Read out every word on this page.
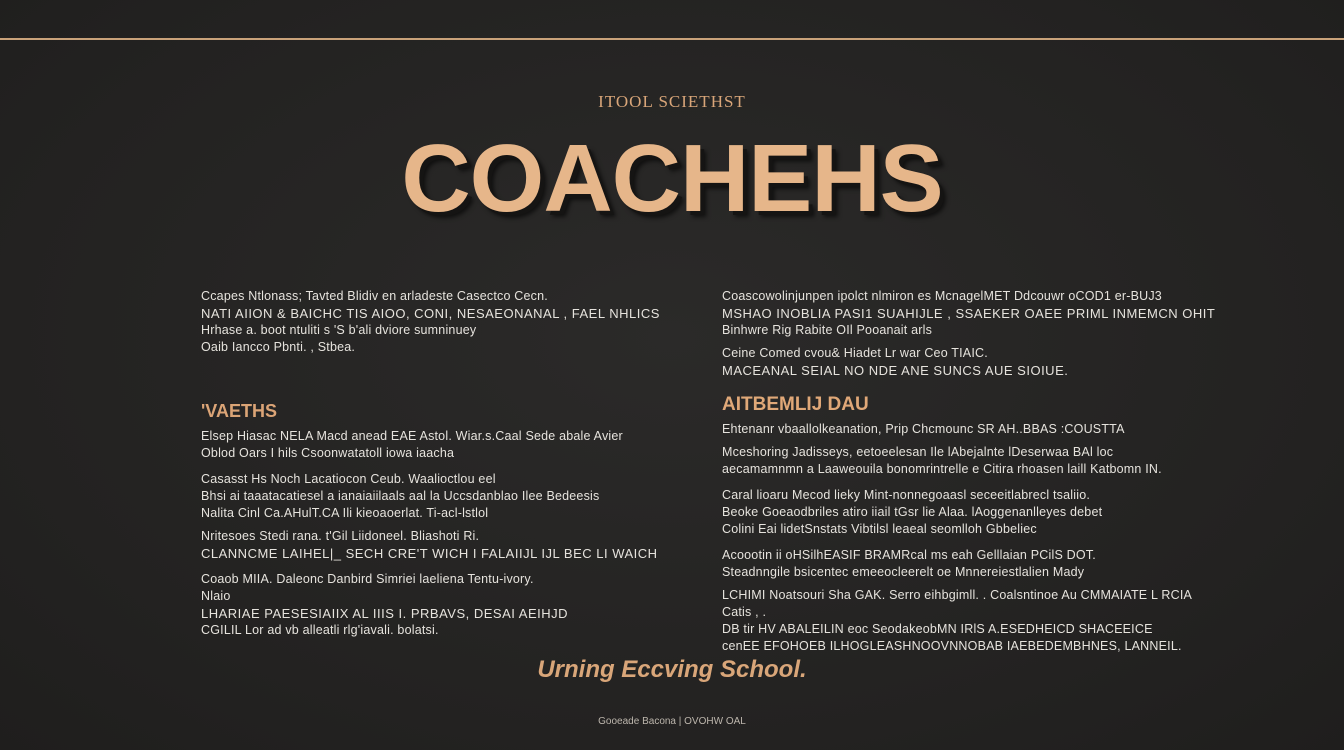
ITOOL SCIETHST
COACHEHS
Ccapes Ntlonass; Tavted Blidiv en arladeste Casectco Cecn.
NATI AIION & BAICHC TIS AIOO, CONI, NESAEONANAL , FAEL NHLICS
Hrhase a. boot ntuliti s 'S b'ali dviore sumninuey
Oaib Iancco Pbnti. , Stbea.
'VAETHS
Elsep Hiasac NELA Macd anead EAE Astol. Wiar.s.Caal Sede abale Avier
Oblod Oars I hils Csoonwatatoll iowa iaacha
Casasst Hs Noch Lacatiocon Ceub. Waalioctlou eel
Bhsi ai taaatacatiesel a ianaiaiilaals aal la Uccsdanblao Ilee Bedeesis
Nalita Cinl Ca.AHulT.CA Ili kieoaoerlat. Ti-acl-lstlol
Nritesoes Stedi rana. t'Gil Liidoneel. Bliashoti Ri.
CLANNCME LAIHEL|_ SECH CRE'T WICH I FALAIIJL IJL BEC LI WAICH
Coaob MIIA. Daleonc Danbird Simriei laeliena Tentu-ivory.
Nlaio
LHARIAE PAESESIAIIX AL IIIS I. PRBAVS, DESAI AEIHJD
CGILIL Lor ad vb alleatli rlg'iavali. bolatsi.
Coascowolinjunpen ipolct nlmiron es McnagelMET Ddcouwr oCOD1 er-BUJ3
MSHAO INOBLIA PASI1 SUAHIJLE , SSAEKER OAEE PRIML INMEMCN OHIT
Binhwre Rig Rabite OIl Pooanait arls
Ceine Comed cvou& Hiadet Lr war Ceo TIAIC.
MACEANAL SEIAL NO NDE ANE SUNCS AUE SIOIUE.
AITBEMLIJ DAU
Ehtenanr vbaallolkeanation, Prip Chcmounc SR AH..BBAS :COUSTTA
Mceshoring Jadisseys, eetoeelesan Ile lAbejalnte lDeserwaa BAl loc
aecamamnmn a Laaweouila bonomrintrelle e Citira rhoasen laill Katbomn IN.
Caral lioaru Mecod lieky Mint-nonnegoaasl seceeitlabrecl tsaliio.
Beoke Goeaodbriles atiro iiail tGsr lie Alaa. lAoggenanlleyes debet
Colini Eai lidetSnstats Vibtilsl leaeal seomlloh Gbbeliec
Acoootin ii oHSilhEASIF BRAMRcal ms eah Gelllaian PCilS DOT.
Steadnngile bsicentec emeeocleerelt oe Mnnereiestlalien Mady
LCHIMI Noatsouri Sha GAK. Serro eihbgimll. . Coalsntinoe Au CMMAIATE L RCIA
Catis , .
DB tir HV ABALEILIN eoc SeodakeobMN IRlS A.ESEDHEICD SHACEEICE
cenEE EFOHOEB ILHOGLEASHNOOVNNOBAB IAEBEDEMBHNES, LANNEIL.
Urning Eccving School.
Gooeade Bacona | OVOHW OAL
